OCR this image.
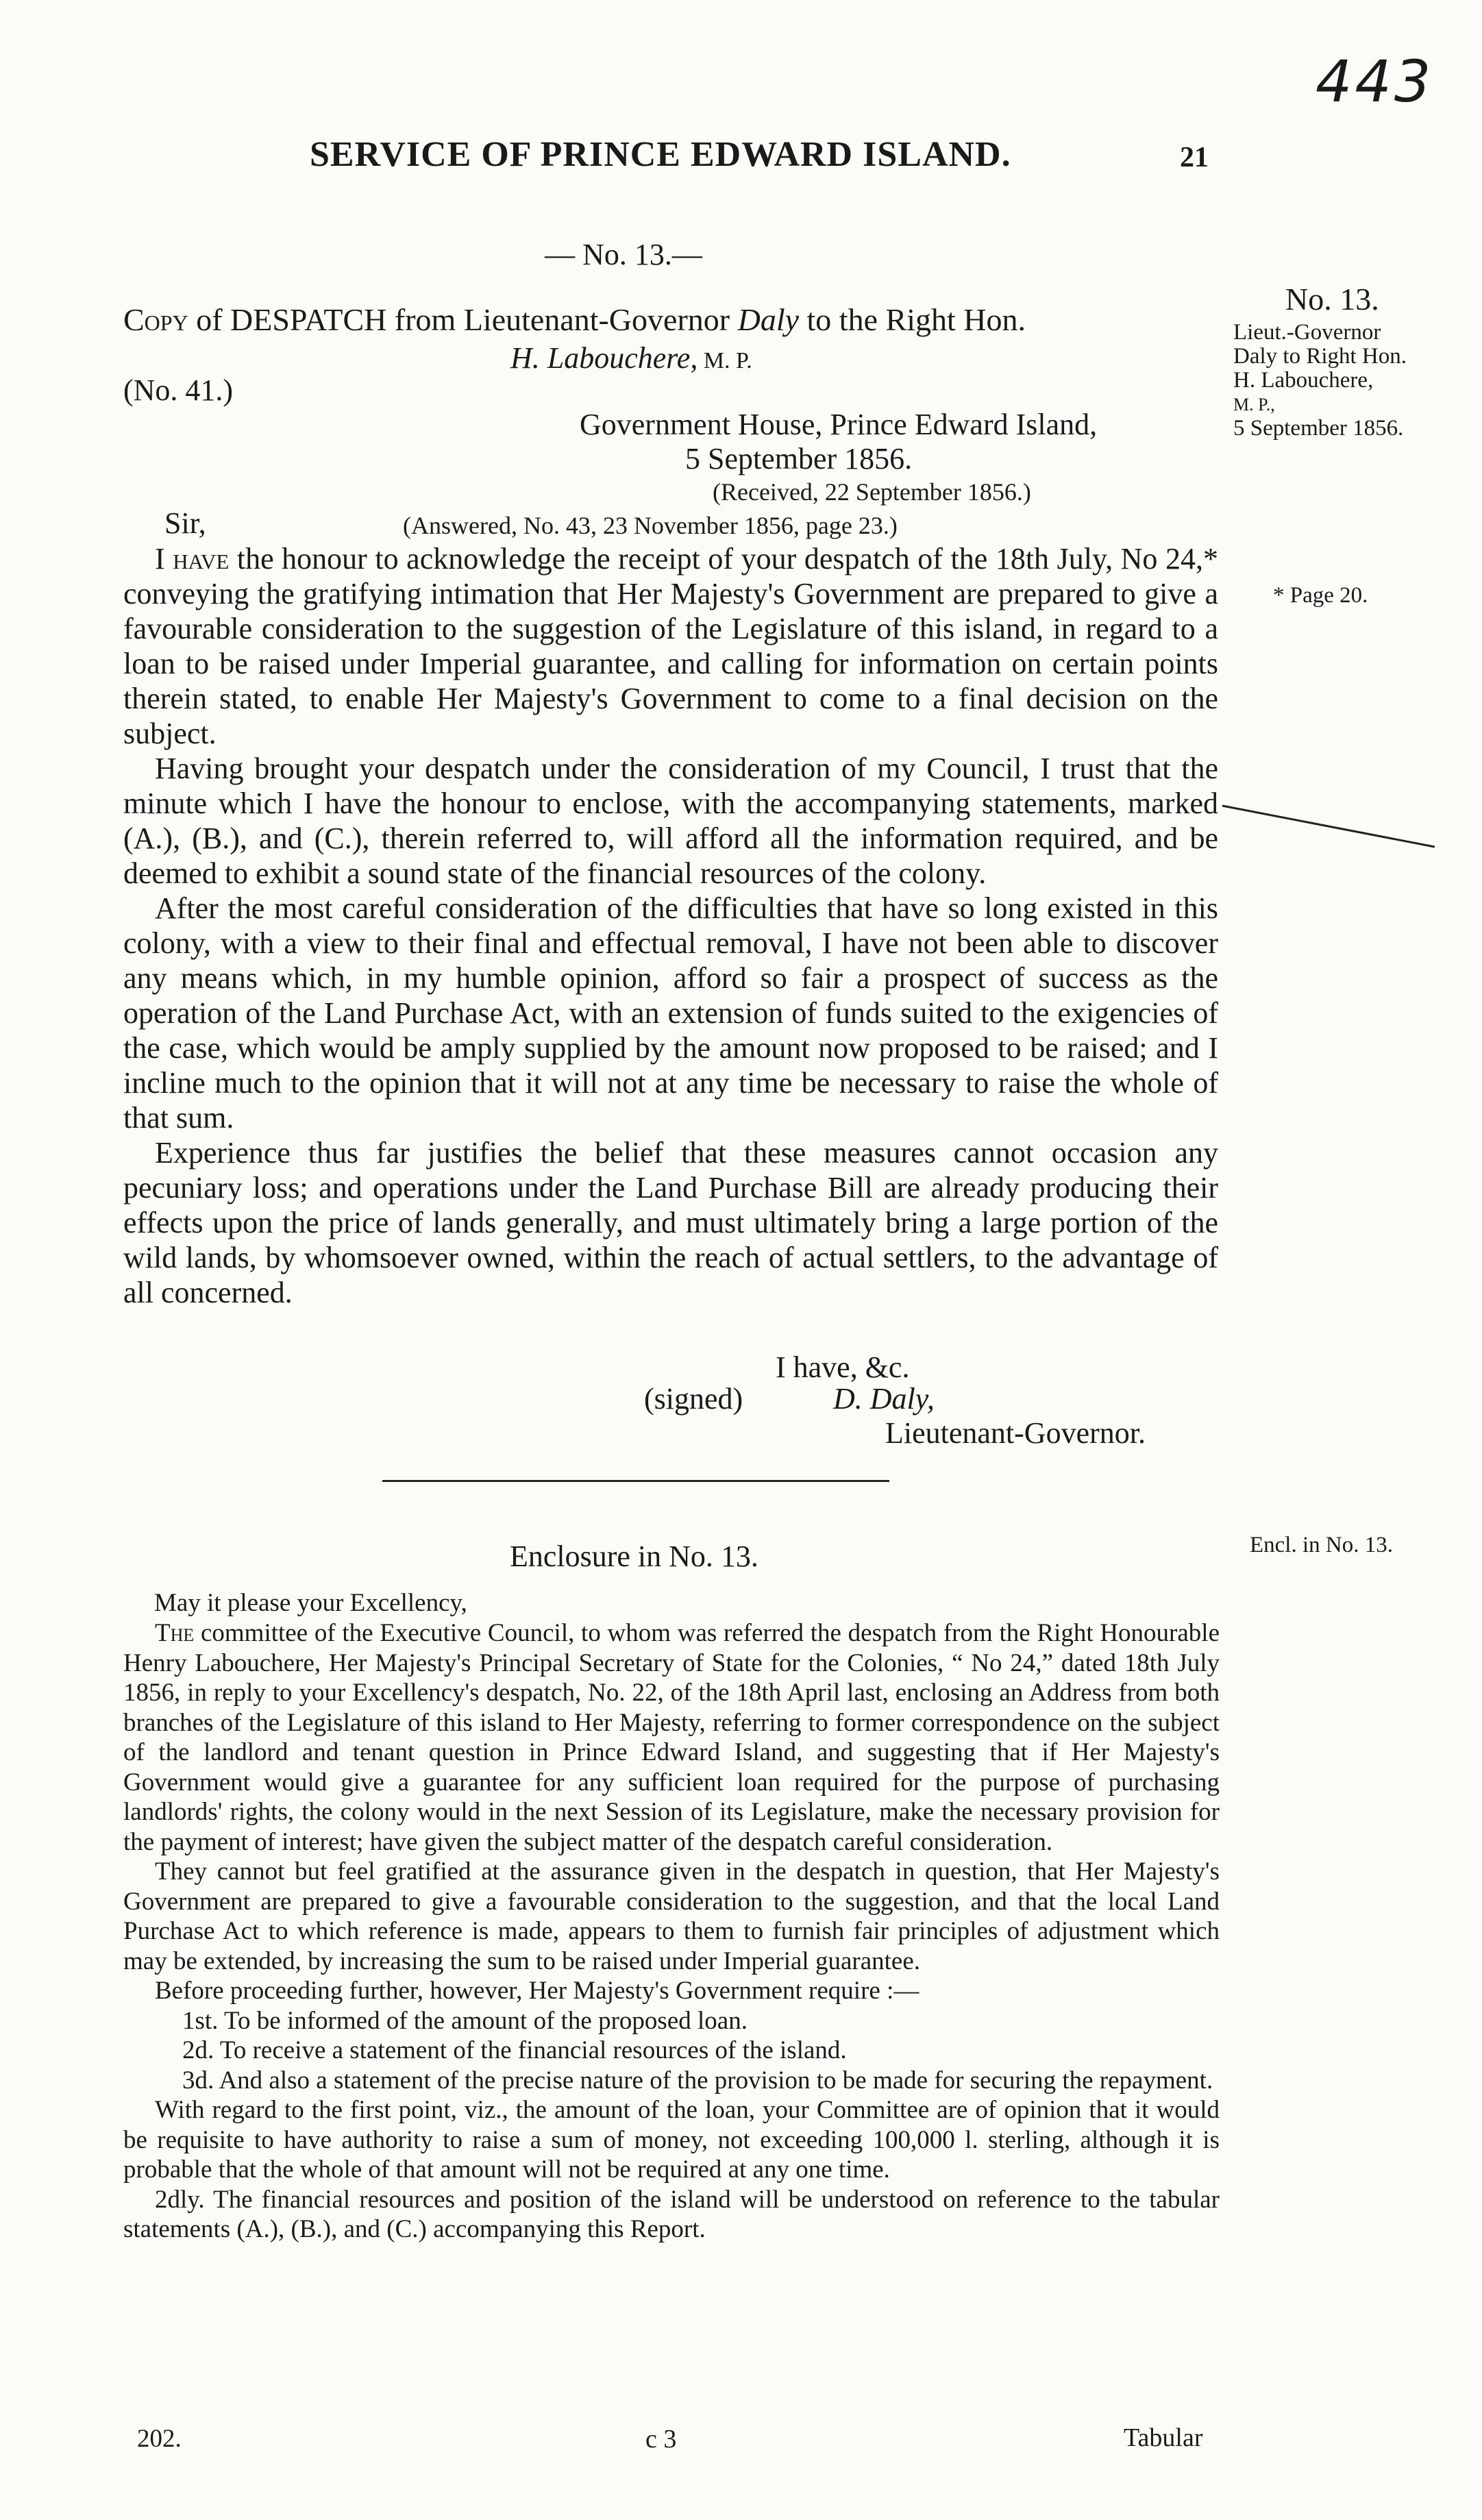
443
SERVICE OF PRINCE EDWARD ISLAND.	21
— No. 13.—
Copy of DESPATCH from Lieutenant-Governor Daly to the Right Hon.
H. Labouchere, M. P.
(No. 41.)
Government House, Prince Edward Island,
5 September 1856.
(Received, 22 September 1856.)
Sir,	(Answered, No. 43, 23 November 1856, page 23.)

I have the honour to acknowledge the receipt of your despatch of the 18th July, No 24,* conveying the gratifying intimation that Her Majesty's Government are prepared to give a favourable consideration to the suggestion of the Legislature of this island, in regard to a loan to be raised under Imperial guarantee, and calling for information on certain points therein stated, to enable Her Majesty's Government to come to a final decision on the subject.

Having brought your despatch under the consideration of my Council, I trust that the minute which I have the honour to enclose, with the accompanying statements, marked (A.), (B.), and (C.), therein referred to, will afford all the information required, and be deemed to exhibit a sound state of the financial resources of the colony.

After the most careful consideration of the difficulties that have so long existed in this colony, with a view to their final and effectual removal, I have not been able to discover any means which, in my humble opinion, afford so fair a prospect of success as the operation of the Land Purchase Act, with an extension of funds suited to the exigencies of the case, which would be amply supplied by the amount now proposed to be raised; and I incline much to the opinion that it will not at any time be necessary to raise the whole of that sum.

Experience thus far justifies the belief that these measures cannot occasion any pecuniary loss; and operations under the Land Purchase Bill are already producing their effects upon the price of lands generally, and must ultimately bring a large portion of the wild lands, by whomsoever owned, within the reach of actual settlers, to the advantage of all concerned.

I have, &c.
(signed)	D. Daly,
Lieutenant-Governor.
No. 13.
Lieut.-Governor
Daly to Right Hon.
H. Labouchere,
M. P.,
5 September 1856.
* Page 20.
Encl. in No. 13.
Enclosure in No. 13.
May it please your Excellency,

The committee of the Executive Council, to whom was referred the despatch from the Right Honourable Henry Labouchere, Her Majesty's Principal Secretary of State for the Colonies, “ No 24,” dated 18th July 1856, in reply to your Excellency's despatch, No. 22, of the 18th April last, enclosing an Address from both branches of the Legislature of this island to Her Majesty, referring to former correspondence on the subject of the landlord and tenant question in Prince Edward Island, and suggesting that if Her Majesty's Government would give a guarantee for any sufficient loan required for the purpose of purchasing landlords' rights, the colony would in the next Session of its Legislature, make the necessary provision for the payment of interest; have given the subject matter of the despatch careful consideration.

They cannot but feel gratified at the assurance given in the despatch in question, that Her Majesty's Government are prepared to give a favourable consideration to the suggestion, and that the local Land Purchase Act to which reference is made, appears to them to furnish fair principles of adjustment which may be extended, by increasing the sum to be raised under Imperial guarantee.

Before proceeding further, however, Her Majesty's Government require :—

1st. To be informed of the amount of the proposed loan.

2d. To receive a statement of the financial resources of the island.

3d. And also a statement of the precise nature of the provision to be made for securing the repayment.

With regard to the first point, viz., the amount of the loan, your Committee are of opinion that it would be requisite to have authority to raise a sum of money, not exceeding 100,000 l. sterling, although it is probable that the whole of that amount will not be required at any one time.

2dly. The financial resources and position of the island will be understood on reference to the tabular statements (A.), (B.), and (C.) accompanying this Report.

202.	c 3	Tabular
